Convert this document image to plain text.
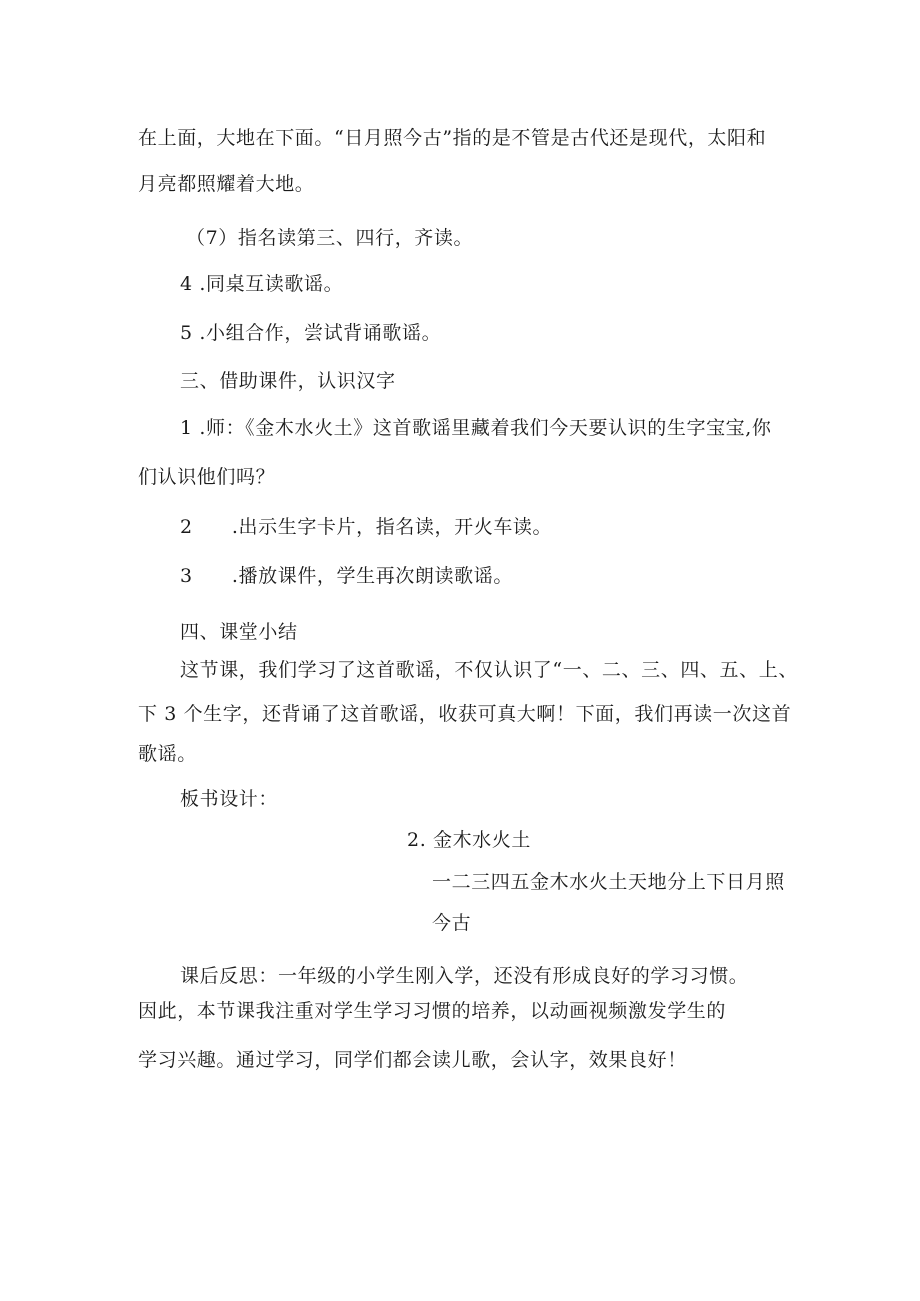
在上面，大地在下面。“日月照今古”指的是不管是古代还是现代，太阳和
月亮都照耀着大地。
（7）指名读第三、四行，齐读。
4 .同桌互读歌谣。
5 .小组合作，尝试背诵歌谣。
三、借助课件，认识汉字
1 .师：《金木水火土》这首歌谣里藏着我们今天要认识的生字宝宝,你
们认识他们吗？
2　　.出示生字卡片，指名读，开火车读。
3　　.播放课件，学生再次朗读歌谣。
四、课堂小结
这节课，我们学习了这首歌谣，不仅认识了“一、二、三、四、五、上、
下 3 个生字，还背诵了这首歌谣，收获可真大啊！下面，我们再读一次这首
歌谣。
板书设计：
2. 金木水火土
一二三四五金木水火土天地分上下日月照
今古
课后反思：一年级的小学生刚入学，还没有形成良好的学习习惯。
因此，本节课我注重对学生学习习惯的培养，以动画视频激发学生的
学习兴趣。通过学习，同学们都会读儿歌，会认字，效果良好！
